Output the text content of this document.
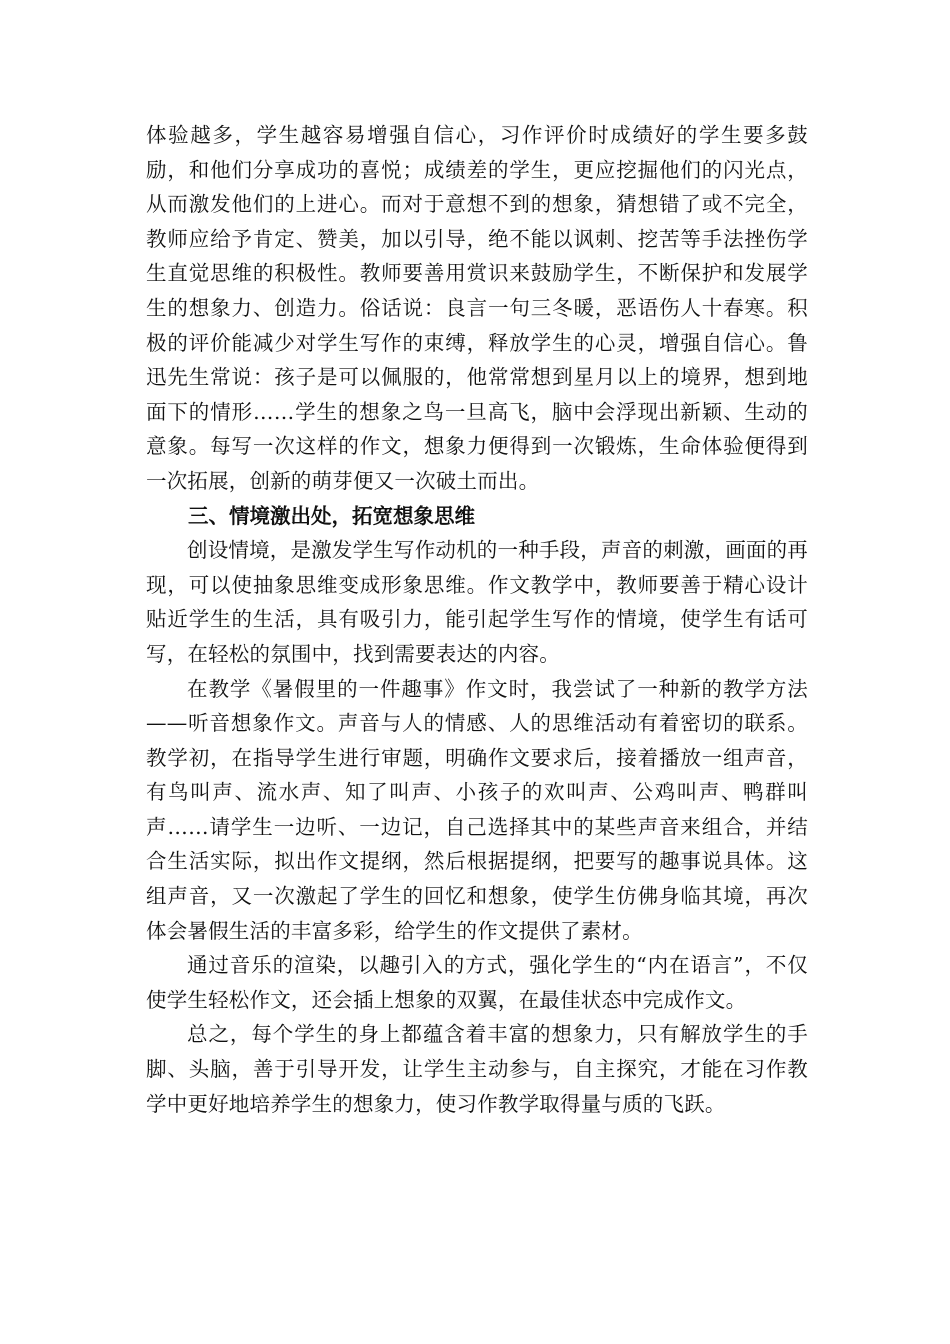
体验越多，学生越容易增强自信心，习作评价时成绩好的学生要多鼓励，和他们分享成功的喜悦；成绩差的学生，更应挖掘他们的闪光点，从而激发他们的上进心。而对于意想不到的想象，猜想错了或不完全，教师应给予肯定、赞美，加以引导，绝不能以讽刺、挖苦等手法挫伤学生直觉思维的积极性。教师要善用赏识来鼓励学生，不断保护和发展学生的想象力、创造力。俗话说：良言一句三冬暖，恶语伤人十春寒。积极的评价能减少对学生写作的束缚，释放学生的心灵，增强自信心。鲁迅先生常说：孩子是可以佩服的，他常常想到星月以上的境界，想到地面下的情形……学生的想象之鸟一旦高飞，脑中会浮现出新颖、生动的意象。每写一次这样的作文，想象力便得到一次锻炼，生命体验便得到一次拓展，创新的萌芽便又一次破土而出。

三、情境激出处，拓宽想象思维

创设情境，是激发学生写作动机的一种手段，声音的刺激，画面的再现，可以使抽象思维变成形象思维。作文教学中，教师要善于精心设计贴近学生的生活，具有吸引力，能引起学生写作的情境，使学生有话可写，在轻松的氛围中，找到需要表达的内容。

在教学《暑假里的一件趣事》作文时，我尝试了一种新的教学方法——听音想象作文。声音与人的情感、人的思维活动有着密切的联系。教学初，在指导学生进行审题，明确作文要求后，接着播放一组声音，有鸟叫声、流水声、知了叫声、小孩子的欢叫声、公鸡叫声、鸭群叫声……请学生一边听、一边记，自己选择其中的某些声音来组合，并结合生活实际，拟出作文提纲，然后根据提纲，把要写的趣事说具体。这组声音，又一次激起了学生的回忆和想象，使学生仿佛身临其境，再次体会暑假生活的丰富多彩，给学生的作文提供了素材。

通过音乐的渲染，以趣引入的方式，强化学生的“内在语言”，不仅使学生轻松作文，还会插上想象的双翼，在最佳状态中完成作文。

总之，每个学生的身上都蕴含着丰富的想象力，只有解放学生的手脚、头脑，善于引导开发，让学生主动参与，自主探究，才能在习作教学中更好地培养学生的想象力，使习作教学取得量与质的飞跃。
